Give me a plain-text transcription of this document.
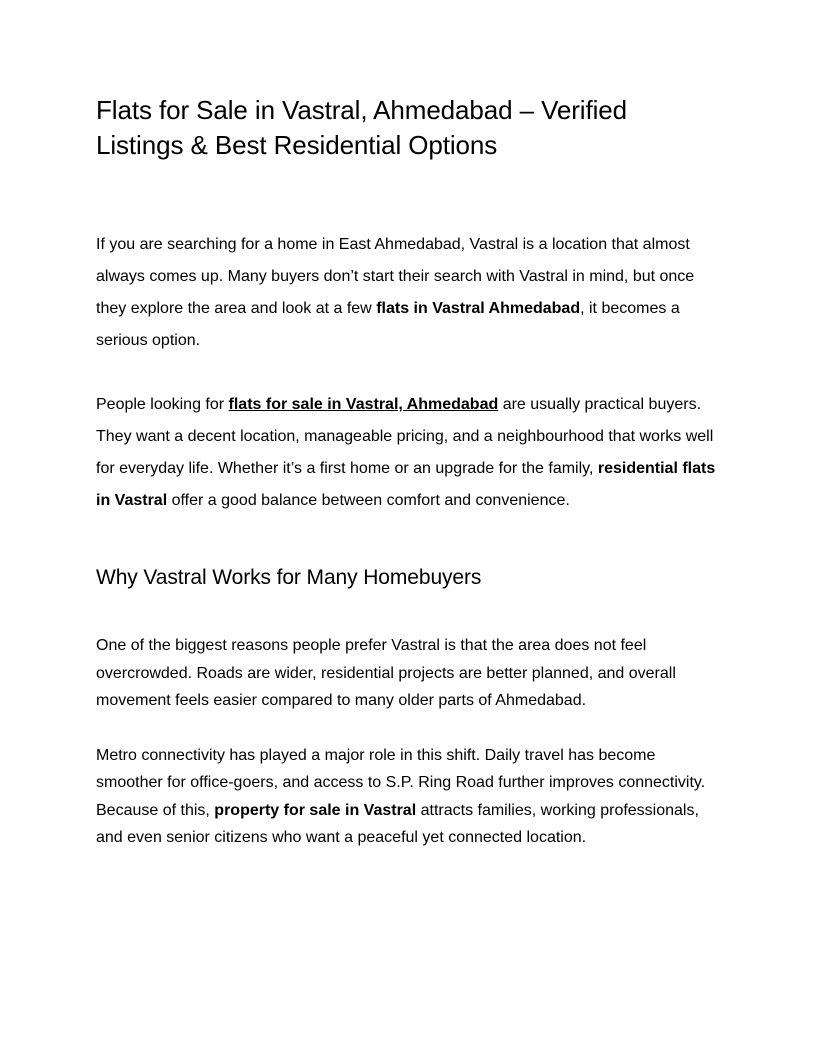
Flats for Sale in Vastral, Ahmedabad – Verified Listings & Best Residential Options

If you are searching for a home in East Ahmedabad, Vastral is a location that almost always comes up. Many buyers don’t start their search with Vastral in mind, but once they explore the area and look at a few flats in Vastral Ahmedabad, it becomes a serious option.

People looking for flats for sale in Vastral, Ahmedabad are usually practical buyers. They want a decent location, manageable pricing, and a neighbourhood that works well for everyday life. Whether it’s a first home or an upgrade for the family, residential flats in Vastral offer a good balance between comfort and convenience.

Why Vastral Works for Many Homebuyers

One of the biggest reasons people prefer Vastral is that the area does not feel overcrowded. Roads are wider, residential projects are better planned, and overall movement feels easier compared to many older parts of Ahmedabad.

Metro connectivity has played a major role in this shift. Daily travel has become smoother for office-goers, and access to S.P. Ring Road further improves connectivity. Because of this, property for sale in Vastral attracts families, working professionals, and even senior citizens who want a peaceful yet connected location.
